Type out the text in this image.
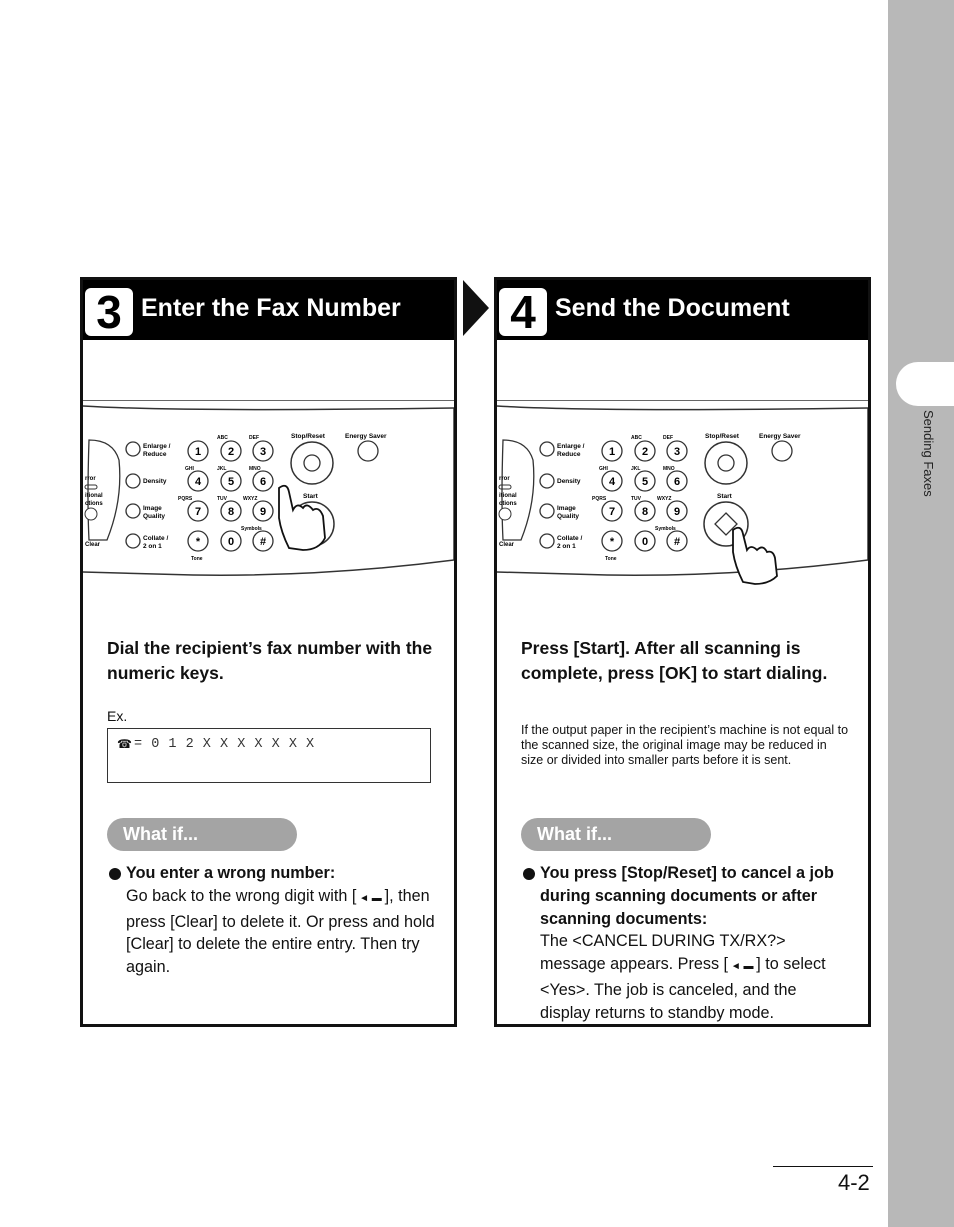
Sending Faxes
3 Enter the Fax Number
rror
itional
ctions
Clear
Enlarge /
Reduce
Density
Image
Quality
Collate /
2 on 1
ABC	DEF
GHI	JKL	MNO
PQRS	TUV	WXYZ
Symbols
Tone
1 2 3
4 5 6
7 8 9
*	0 #
Stop/Reset	Energy Saver
Start
Dial the recipient’s fax number with the numeric keys.
Ex.
☎ = 0 1 2 X X X X X X X
What if...
You enter a wrong number:
Go back to the wrong digit with [ ◄ ▬ ], then press [Clear] to delete it. Or press and hold [Clear] to delete the entire entry. Then try again.
4 Send the Document
rror
itional
ctions
Clear
Enlarge /
Reduce
Density
Image
Quality
Collate /
2 on 1
ABC	DEF
GHI	JKL	MNO
PQRS	TUV	WXYZ
Symbols
Tone
1 2 3
4 5 6
7 8 9
*	0 #
Stop/Reset	Energy Saver
Start
Press [Start]. After all scanning is complete, press [OK] to start dialing.
If the output paper in the recipient’s machine is not equal to the scanned size, the original image may be reduced in size or divided into smaller parts before it is sent.
What if...
You press [Stop/Reset] to cancel a job during scanning documents or after scanning documents:
The <CANCEL DURING TX/RX?> message appears. Press [ ◄ ▬ ] to select <Yes>. The job is canceled, and the display returns to standby mode.
4-2
